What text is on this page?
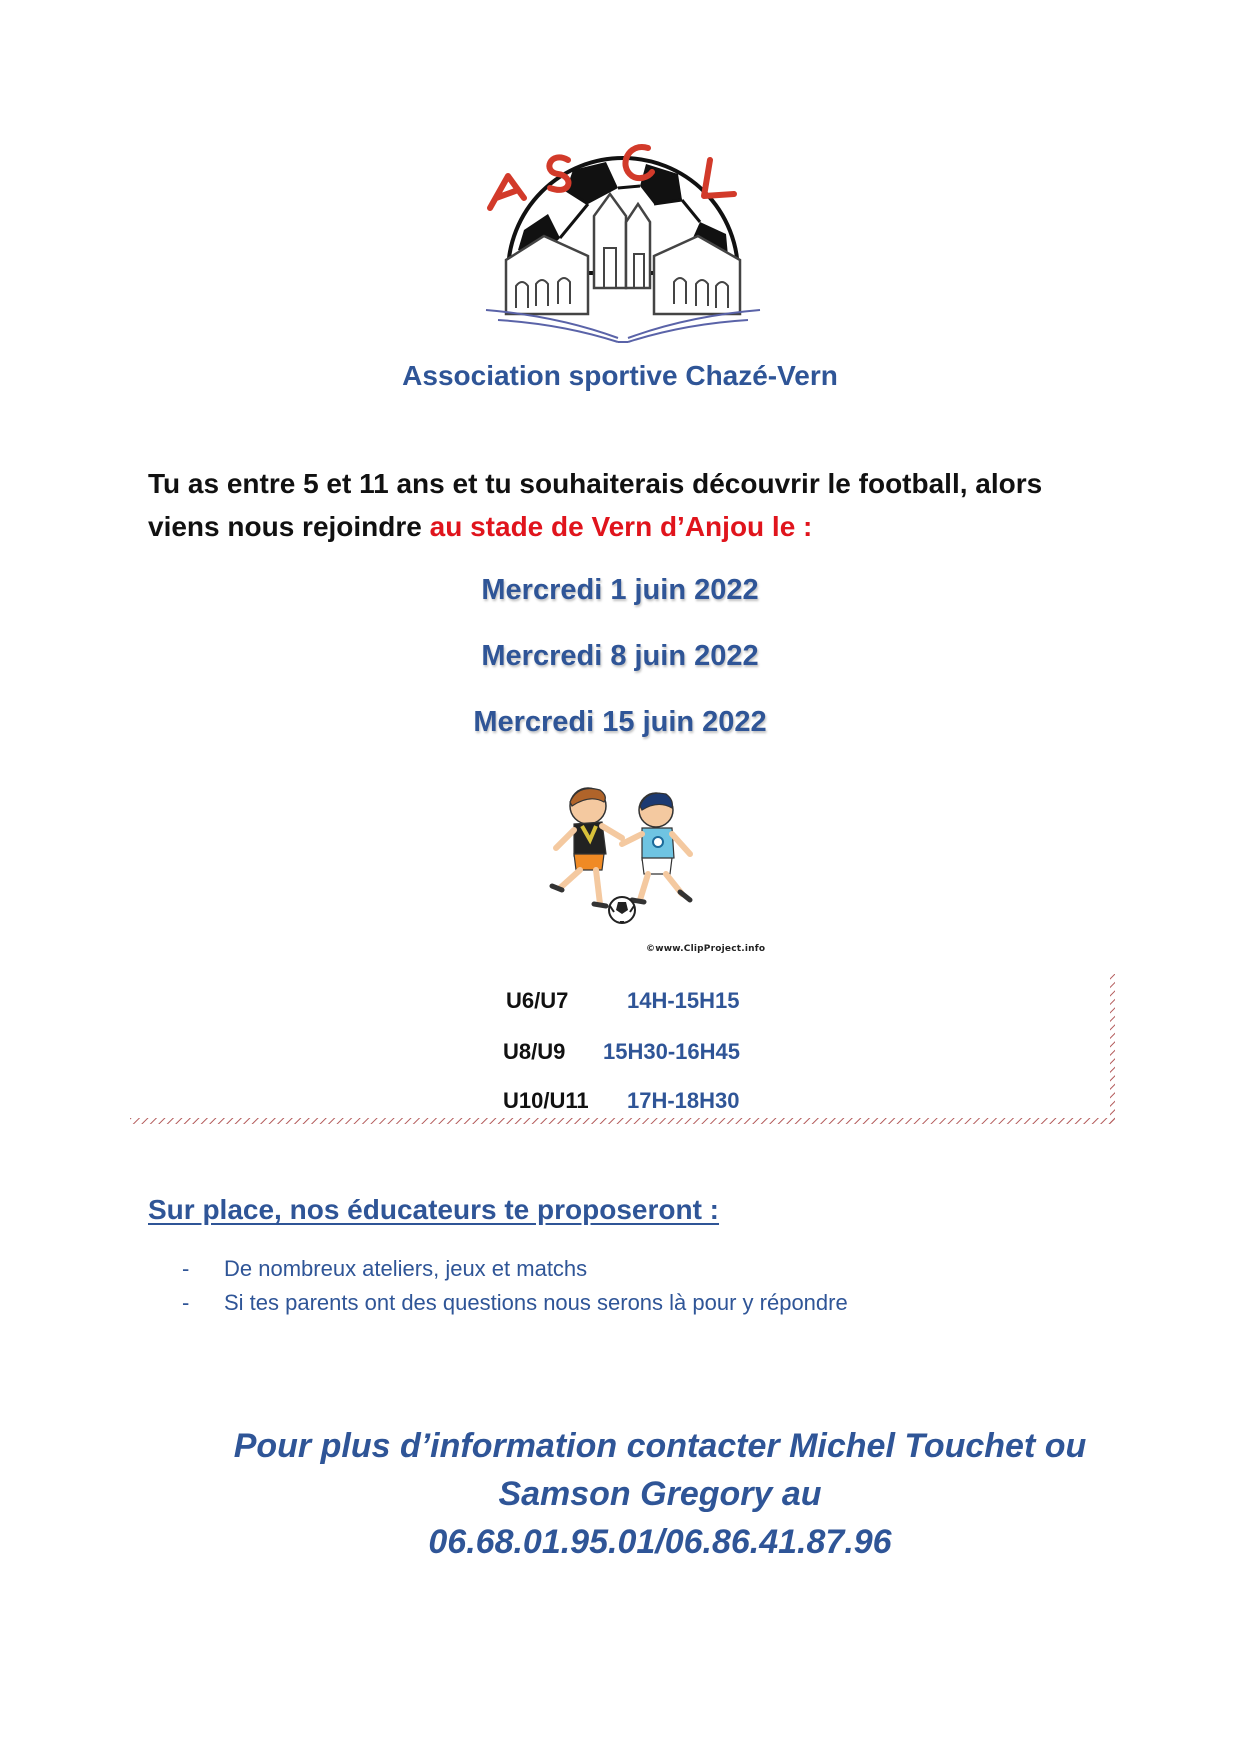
Association sportive Chazé-Vern
Tu as entre 5 et 11 ans et tu souhaiterais découvrir le football, alors
viens nous rejoindre au stade de Vern d’Anjou le :
Mercredi 1 juin 2022
Mercredi 8 juin 2022
Mercredi 15 juin 2022
©www.ClipProject.info
U6/U7	14H-15H15
U8/U9 15H30-16H45
U10/U11 17H-18H30
Sur place, nos éducateurs te proposeront :
- De nombreux ateliers, jeux et matchs
- Si tes parents ont des questions nous serons là pour y répondre
Pour plus d’information contacter Michel Touchet ou
Samson Gregory au
06.68.01.95.01/06.86.41.87.96
